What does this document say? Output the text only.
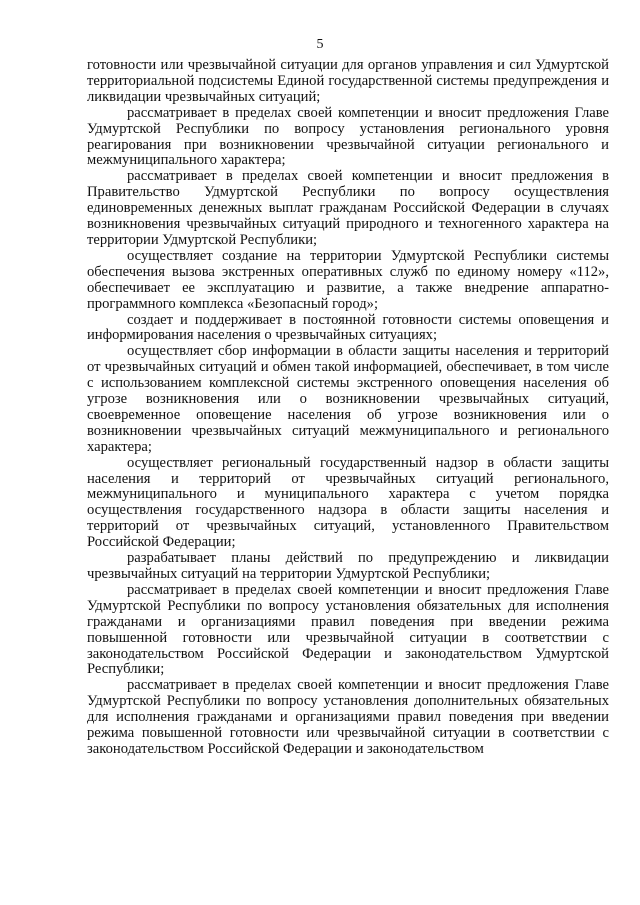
5

готовности или чрезвычайной ситуации для органов управления и сил Удмуртской территориальной подсистемы Единой государственной системы предупреждения и ликвидации чрезвычайных ситуаций;

рассматривает в пределах своей компетенции и вносит предложения Главе Удмуртской Республики по вопросу установления регионального уровня реагирования при возникновении чрезвычайной ситуации регионального и межмуниципального характера;

рассматривает в пределах своей компетенции и вносит предложения в Правительство Удмуртской Республики по вопросу осуществления единовременных денежных выплат гражданам Российской Федерации в случаях возникновения чрезвычайных ситуаций природного и техногенного характера на территории Удмуртской Республики;

осуществляет создание на территории Удмуртской Республики системы обеспечения вызова экстренных оперативных служб по единому номеру «112», обеспечивает ее эксплуатацию и развитие, а также внедрение аппаратно-программного комплекса «Безопасный город»;

создает и поддерживает в постоянной готовности системы оповещения и информирования населения о чрезвычайных ситуациях;

осуществляет сбор информации в области защиты населения и территорий от чрезвычайных ситуаций и обмен такой информацией, обеспечивает, в том числе с использованием комплексной системы экстренного оповещения населения об угрозе возникновения или о возникновении чрезвычайных ситуаций, своевременное оповещение населения об угрозе возникновения или о возникновении чрезвычайных ситуаций межмуниципального и регионального характера;

осуществляет региональный государственный надзор в области защиты населения и территорий от чрезвычайных ситуаций регионального, межмуниципального и муниципального характера с учетом порядка осуществления государственного надзора в области защиты населения и территорий от чрезвычайных ситуаций, установленного Правительством Российской Федерации;

разрабатывает планы действий по предупреждению и ликвидации чрезвычайных ситуаций на территории Удмуртской Республики;

рассматривает в пределах своей компетенции и вносит предложения Главе Удмуртской Республики по вопросу установления обязательных для исполнения гражданами и организациями правил поведения при введении режима повышенной готовности или чрезвычайной ситуации в соответствии с законодательством Российской Федерации и законодательством Удмуртской Республики;

рассматривает в пределах своей компетенции и вносит предложения Главе Удмуртской Республики по вопросу установления дополнительных обязательных для исполнения гражданами и организациями правил поведения при введении режима повышенной готовности или чрезвычайной ситуации в соответствии с законодательством Российской Федерации и законодательством
